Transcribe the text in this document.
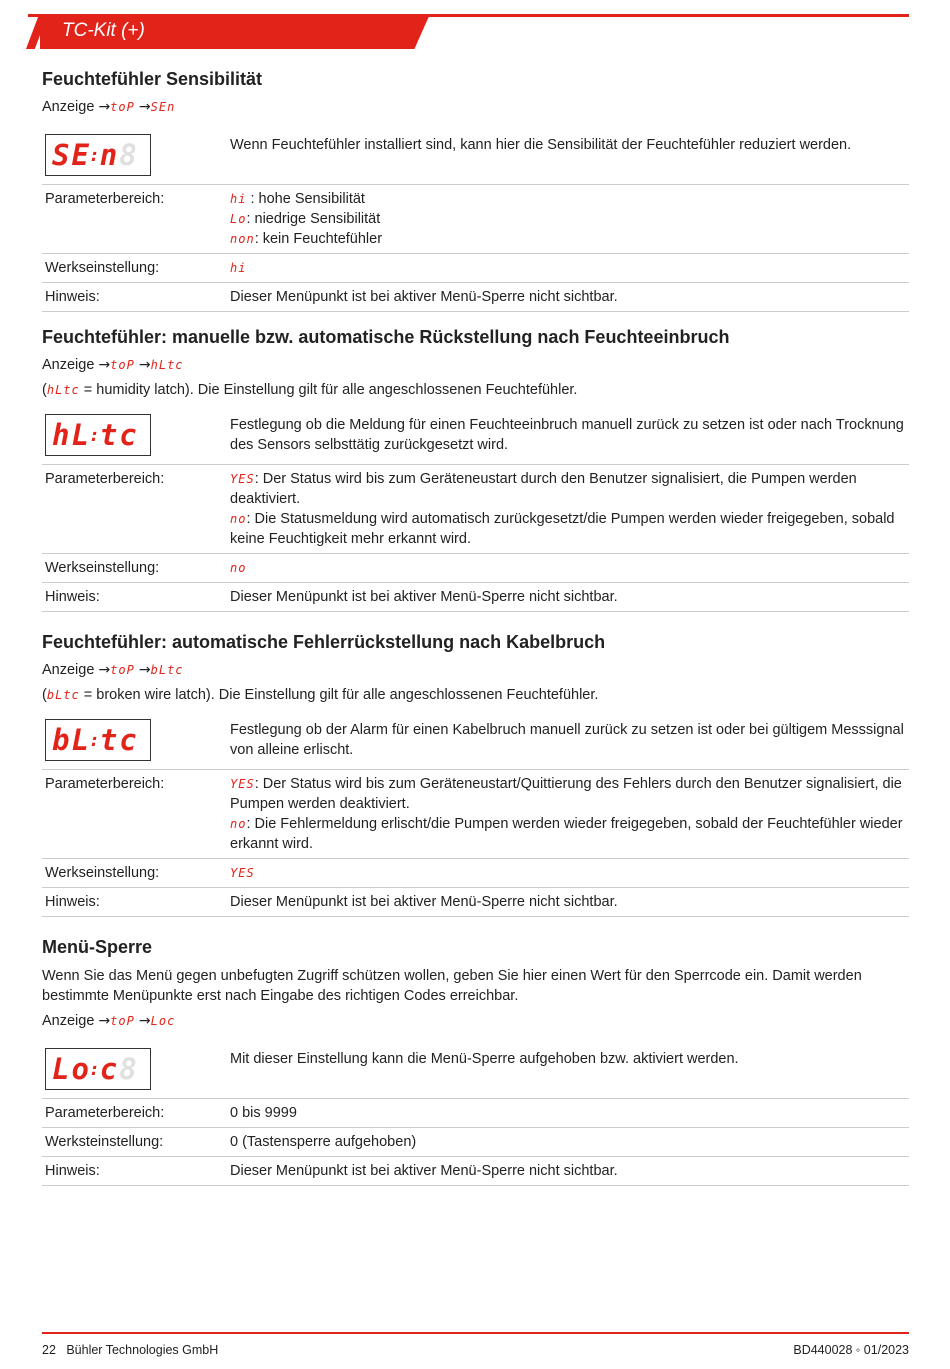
TC-Kit (+)
Feuchtefühler Sensibilität
Anzeige →toP →SEn
S E : n 8	Wenn Feuchtefühler installiert sind, kann hier die Sensibilität der Feuchtefühler reduziert werden.
Parameterbereich:	hi : hohe Sensibilität
Lo: niedrige Sensibilität
non: kein Feuchtefühler
Werkseinstellung:	hi
Hinweis:	Dieser Menüpunkt ist bei aktiver Menü-Sperre nicht sichtbar.
Feuchtefühler: manuelle bzw. automatische Rückstellung nach Feuchteeinbruch
Anzeige →toP →hLtc
(hLtc = humidity latch). Die Einstellung gilt für alle angeschlossenen Feuchtefühler.
h L : t c	Festlegung ob die Meldung für einen Feuchteeinbruch manuell zurück zu setzen ist oder nach Trocknung des Sensors selbsttätig zurückgesetzt wird.
Parameterbereich:	YES: Der Status wird bis zum Geräteneustart durch den Benutzer signalisiert, die Pumpen werden deaktiviert.
no: Die Statusmeldung wird automatisch zurückgesetzt/die Pumpen werden wieder freigegeben, sobald keine Feuchtigkeit mehr erkannt wird.
Werkseinstellung:	no
Hinweis:	Dieser Menüpunkt ist bei aktiver Menü-Sperre nicht sichtbar.
Feuchtefühler: automatische Fehlerrückstellung nach Kabelbruch
Anzeige →toP →bLtc
(bLtc = broken wire latch). Die Einstellung gilt für alle angeschlossenen Feuchtefühler.
b L : t c	Festlegung ob der Alarm für einen Kabelbruch manuell zurück zu setzen ist oder bei gültigem Messsignal von alleine erlischt.
Parameterbereich:	YES: Der Status wird bis zum Geräteneustart/Quittierung des Fehlers durch den Benutzer signalisiert, die Pumpen werden deaktiviert.
no: Die Fehlermeldung erlischt/die Pumpen werden wieder freigegeben, sobald der Feuchtefühler wieder erkannt wird.
Werkseinstellung:	YES
Hinweis:	Dieser Menüpunkt ist bei aktiver Menü-Sperre nicht sichtbar.
Menü-Sperre
Wenn Sie das Menü gegen unbefugten Zugriff schützen wollen, geben Sie hier einen Wert für den Sperrcode ein. Damit werden bestimmte Menüpunkte erst nach Eingabe des richtigen Codes erreichbar.
Anzeige →toP →Loc
L o : c 8	Mit dieser Einstellung kann die Menü-Sperre aufgehoben bzw. aktiviert werden.
Parameterbereich:	0 bis 9999
Werksteinstellung:	0 (Tastensperre aufgehoben)
Hinweis:	Dieser Menüpunkt ist bei aktiver Menü-Sperre nicht sichtbar.
22 Bühler Technologies GmbH	BD440028 ◦ 01/2023
